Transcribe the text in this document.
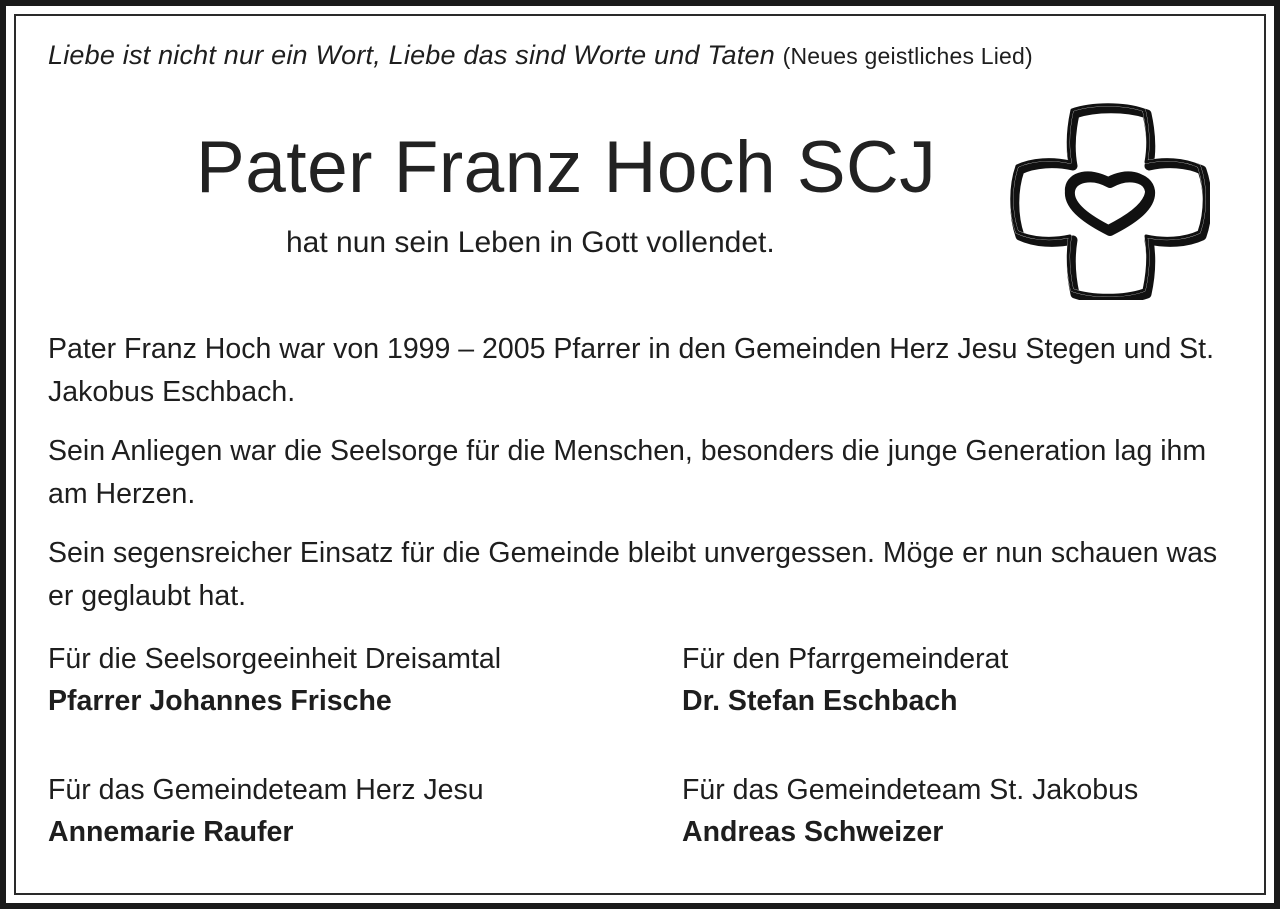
Liebe ist nicht nur ein Wort, Liebe das sind Worte und Taten (Neues geistliches Lied)
Pater Franz Hoch SCJ
hat nun sein Leben in Gott vollendet.
Pater Franz Hoch war von 1999 – 2005 Pfarrer in den Gemeinden Herz Jesu Stegen und St. Jakobus Eschbach.
Sein Anliegen war die Seelsorge für die Menschen, besonders die junge Generation lag ihm am Herzen.
Sein segensreicher Einsatz für die Gemeinde bleibt unvergessen. Möge er nun schauen was er geglaubt hat.
Für die Seelsorgeeinheit Dreisamtal
Pfarrer Johannes Frische
Für den Pfarrgemeinderat
Dr. Stefan Eschbach
Für das Gemeindeteam Herz Jesu
Annemarie Raufer
Für das Gemeindeteam St. Jakobus
Andreas Schweizer
